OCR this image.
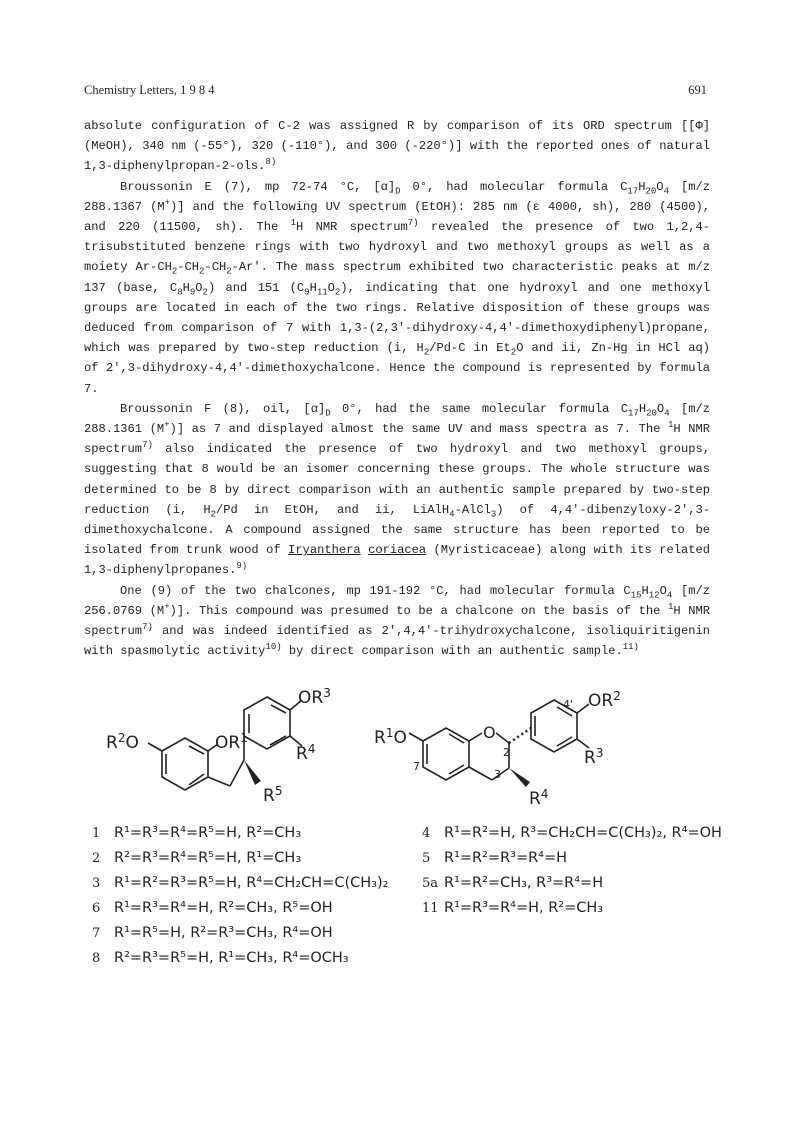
Chemistry Letters, 1 9 8 4	691

absolute configuration of C-2 was assigned R by comparison of its ORD spectrum [[Φ] (MeOH), 340 nm (-55°), 320 (-110°), and 300 (-220°)] with the reported ones of natural 1,3-diphenylpropan-2-ols.$^{8)}$

Broussonin E (7), mp 72-74 °C, $[\alpha]_D$ 0°, had molecular formula $C_{17}H_{20}O_4$ [m/z 288.1367 (M+)] and the following UV spectrum (EtOH): 285 nm (ε 4000, sh), 280 (4500), and 220 (11500, sh). The $^1$H NMR spectrum$^{7)}$ revealed the presence of two 1,2,4-trisubstituted benzene rings with two hydroxyl and two methoxyl groups as well as a moiety $Ar-CH_2-CH_2-CH_2-Ar'$. The mass spectrum exhibited two characteristic peaks at m/z 137 (base, $C_8H_9O_2$) and 151 $(C_9H_{11}O_2)$, indicating that one hydroxyl and one methoxyl groups are located in each of the two rings. Relative disposition of these groups was deduced from comparison of 7 with 1,3-(2,3'-dihydroxy-4,4'-dimethoxydiphenyl)propane, which was prepared by two-step reduction (i, $H_2/Pd-C$ in $Et_2O$ and ii, Zn-Hg in HCl aq) of 2',3-dihydroxy-4,4'-dimethoxychalcone. Hence the compound is represented by formula 7.

Broussonin F (8), oil, $[\alpha]_D$ 0°, had the same molecular formula $C_{17}H_{20}O_4$ [m/z 288.1361 (M+)] as 7 and displayed almost the same UV and mass spectra as 7. The $^1$H NMR spectrum$^{7)}$ also indicated the presence of two hydroxyl and two methoxyl groups, suggesting that 8 would be an isomer concerning these groups. The whole structure was determined to be 8 by direct comparison with an authentic sample prepared by two-step reduction (i, $H_2/Pd$ in EtOH, and ii, LiAlH$_4$-AlCl$_3$) of 4,4'-dibenzyloxy-2',3-dimethoxychalcone. A compound assigned the same structure has been reported to be isolated from trunk wood of Iryanthera coriacea (Myristicaceae) along with its related 1,3-diphenylpropanes.$^{9)}$

One (9) of the two chalcones, mp 191-192 °C, had molecular formula $C_{15}H_{12}O_4$ [m/z 256.0769 (M+)]. This compound was presumed to be a chalcone on the basis of the $^1$H NMR spectrum$^{7)}$ and was indeed identified as 2',4,4'-trihydroxychalcone, isoliquiritigenin with spasmolytic activity$^{10)}$ by direct comparison with an authentic sample.$^{11)}$

$OR^3$
$R^2O$	$OR^1$
$R^4$
$R^5$
$OR^2$
$R^1O$	O
$R^3$
$R^4$
7
2
3
4'
1 R¹=R³=R⁴=R⁵=H, R²=CH₃
2 R²=R³=R⁴=R⁵=H, R¹=CH₃
3 R¹=R²=R³=R⁵=H, R⁴=CH₂CH=C(CH₃)₂
6 R¹=R³=R⁴=H, R²=CH₃, R⁵=OH
7 R¹=R⁵=H, R²=R³=CH₃, R⁴=OH
8 R²=R³=R⁵=H, R¹=CH₃, R⁴=OCH₃
4 R¹=R²=H, R³=CH₂CH=C(CH₃)₂, R⁴=OH
5 R¹=R²=R³=R⁴=H
5a R¹=R²=CH₃, R³=R⁴=H
11 R¹=R³=R⁴=H, R²=CH₃
